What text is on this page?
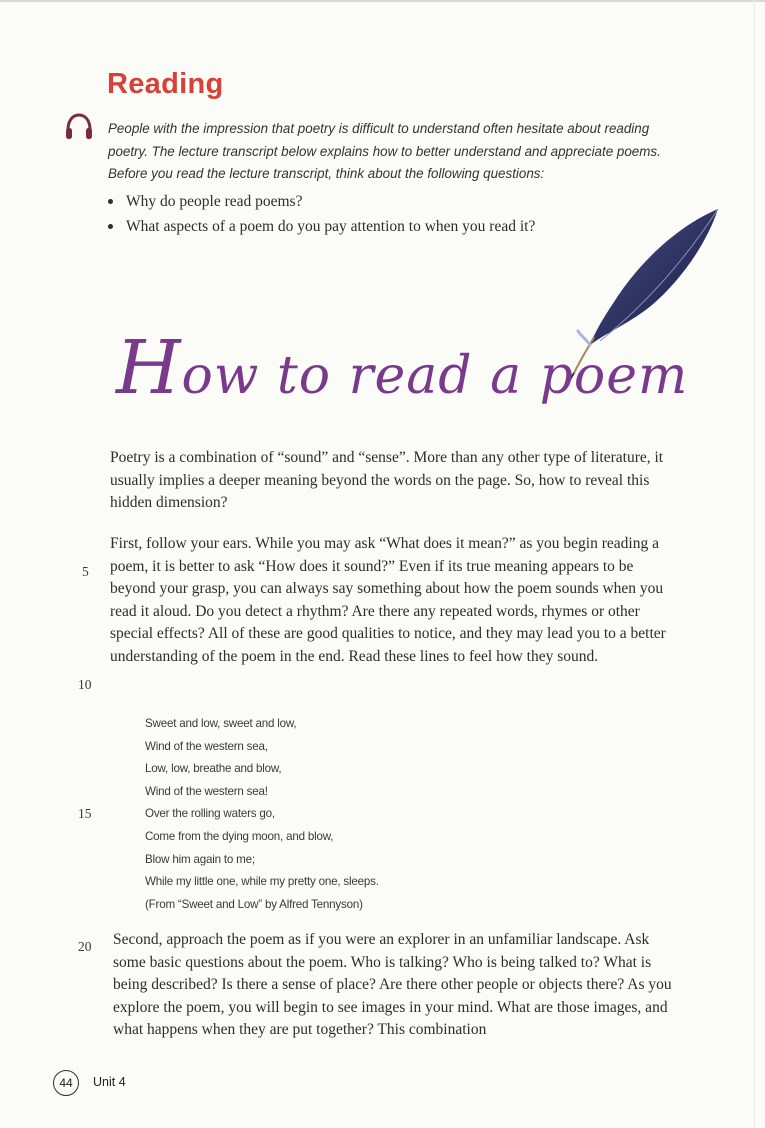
Reading

People with the impression that poetry is difficult to understand often hesitate about reading poetry. The lecture transcript below explains how to better understand and appreciate poems. Before you read the lecture transcript, think about the following questions:

Why do people read poems?
What aspects of a poem do you pay attention to when you read it?
How to read a poem

Poetry is a combination of “sound” and “sense”. More than any other type of literature, it usually implies a deeper meaning beyond the words on the page. So, how to reveal this hidden dimension?

First, follow your ears. While you may ask “What does it mean?” as you begin reading a poem, it is better to ask “How does it sound?” Even if its true meaning appears to be beyond your grasp, you can always say something about how the poem sounds when you read it aloud. Do you detect a rhythm? Are there any repeated words, rhymes or other special effects? All of these are good qualities to notice, and they may lead you to a better understanding of the poem in the end. Read these lines to feel how they sound.

5
10
15
20
Sweet and low, sweet and low,
Wind of the western sea,
Low, low, breathe and blow,
Wind of the western sea!
Over the rolling waters go,
Come from the dying moon, and blow,
Blow him again to me;
While my little one, while my pretty one, sleeps.
(From “Sweet and Low” by Alfred Tennyson)

Second, approach the poem as if you were an explorer in an unfamiliar landscape. Ask some basic questions about the poem. Who is talking? Who is being talked to? What is being described? Is there a sense of place? Are there other people or objects there? As you explore the poem, you will begin to see images in your mind. What are those images, and what happens when they are put together? This combination

44	Unit 4
